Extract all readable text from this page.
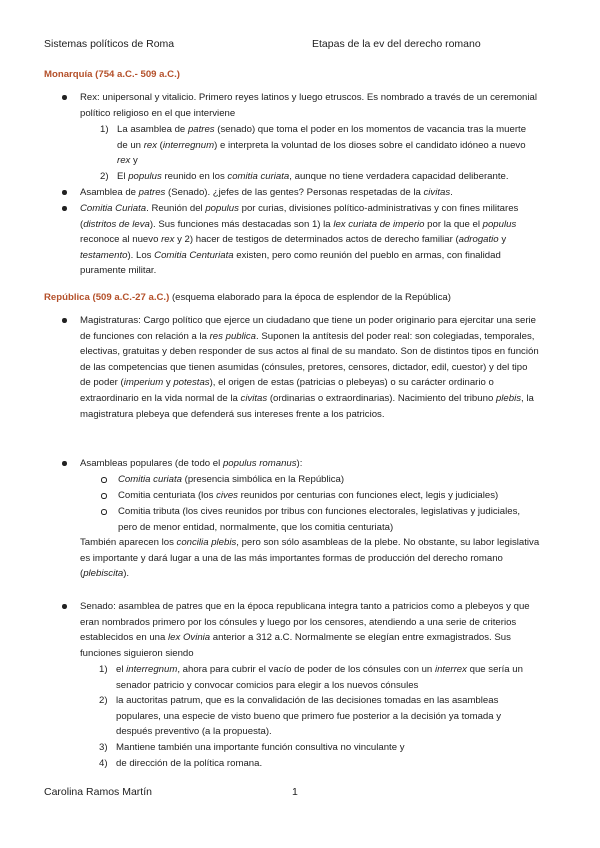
Sistemas políticos de Roma	Etapas de la ev del derecho romano
Monarquía (754 a.C.- 509 a.C.)
Rex: unipersonal y vitalicio. Primero reyes latinos y luego etruscos. Es nombrado a través de un ceremonial político religioso en el que interviene
1) La asamblea de patres (senado) que toma el poder en los momentos de vacancia tras la muerte de un rex (interregnum) e interpreta la voluntad de los dioses sobre el candidato idóneo a nuevo rex y
2) El populus reunido en los comitia curiata, aunque no tiene verdadera capacidad deliberante.
Asamblea de patres (Senado). ¿jefes de las gentes? Personas respetadas de la civitas.
Comitia Curiata. Reunión del populus por curias, divisiones político-administrativas y con fines militares (distritos de leva). Sus funciones más destacadas son 1) la lex curiata de imperio por la que el populus reconoce al nuevo rex y 2) hacer de testigos de determinados actos de derecho familiar (adrogatio y testamento). Los Comitia Centuriata existen, pero como reunión del pueblo en armas, con finalidad puramente militar.
República (509 a.C.-27 a.C.) (esquema elaborado para la época de esplendor de la República)
Magistraturas: Cargo político que ejerce un ciudadano que tiene un poder originario para ejercitar una serie de funciones con relación a la res publica. Suponen la antítesis del poder real: son colegiadas, temporales, electivas, gratuitas y deben responder de sus actos al final de su mandato. Son de distintos tipos en función de las competencias que tienen asumidas (cónsules, pretores, censores, dictador, edil, cuestor) y del tipo de poder (imperium y potestas), el origen de estas (patricias o plebeyas) o su carácter ordinario o extraordinario en la vida normal de la civitas (ordinarias o extraordinarias). Nacimiento del tribuno plebis, la magistratura plebeya que defenderá sus intereses frente a los patricios.
Asambleas populares (de todo el populus romanus):
Comitia curiata (presencia simbólica en la República)
Comitia centuriata (los cives reunidos por centurias con funciones elect, legis y judiciales)
Comitia tributa (los cives reunidos por tribus con funciones electorales, legislativas y judiciales, pero de menor entidad, normalmente, que los comitia centuriata)
También aparecen los concilia plebis, pero son sólo asambleas de la plebe. No obstante, su labor legislativa es importante y dará lugar a una de las más importantes formas de producción del derecho romano (plebiscita).
Senado: asamblea de patres que en la época republicana integra tanto a patricios como a plebeyos y que eran nombrados primero por los cónsules y luego por los censores, atendiendo a una serie de criterios establecidos en una lex Ovinia anterior a 312 a.C. Normalmente se elegían entre exmagistrados. Sus funciones siguieron siendo
1) el interregnum, ahora para cubrir el vacío de poder de los cónsules con un interrex que sería un senador patricio y convocar comicios para elegir a los nuevos cónsules
2) la auctoritas patrum, que es la convalidación de las decisiones tomadas en las asambleas populares, una especie de visto bueno que primero fue posterior a la decisión ya tomada y después preventivo (a la propuesta).
3) Mantiene también una importante función consultiva no vinculante y
4) de dirección de la política romana.
Carolina Ramos Martín	1
